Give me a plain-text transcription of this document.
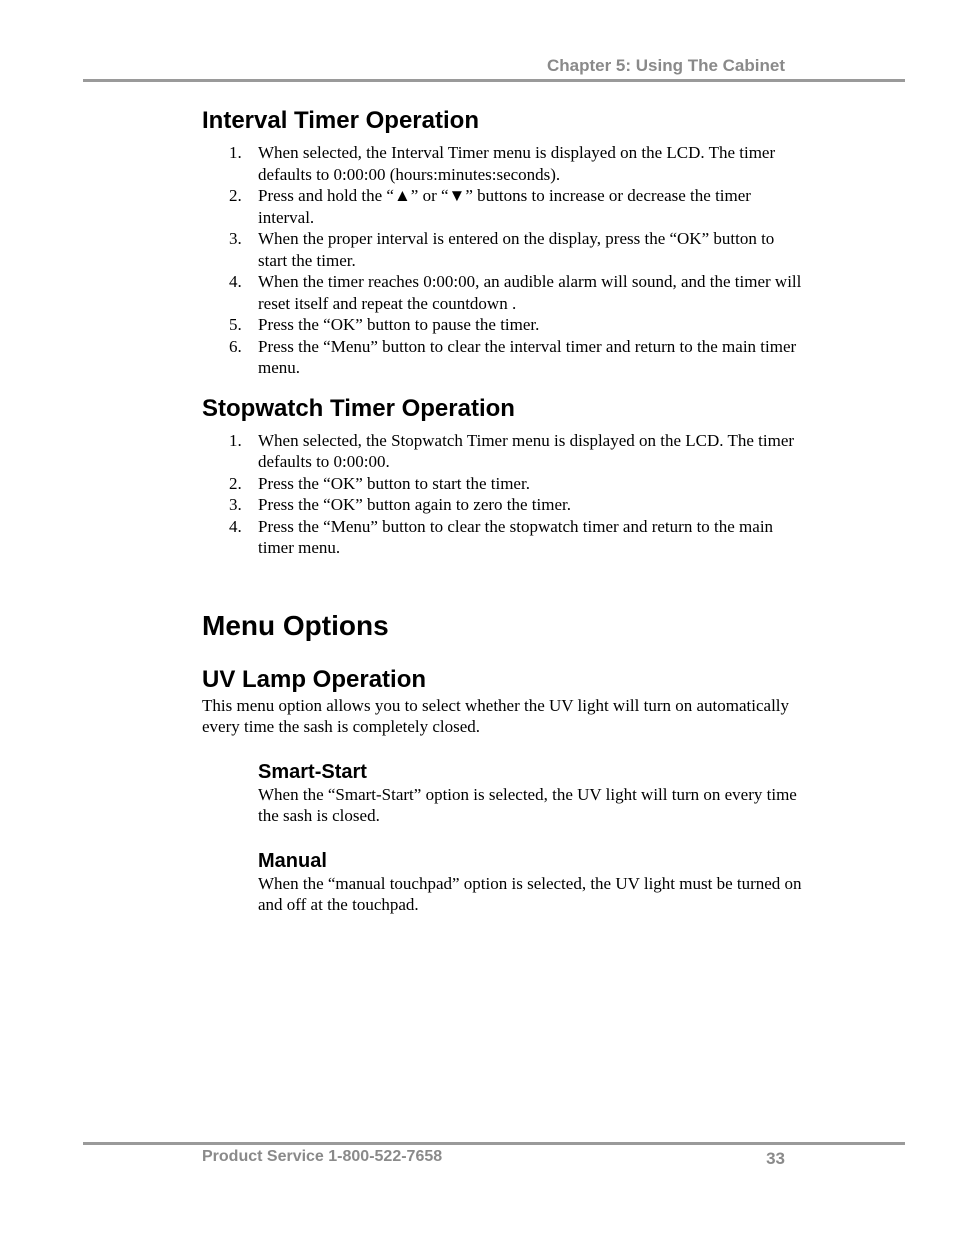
Chapter 5: Using The Cabinet
Interval Timer Operation
1. When selected, the Interval Timer menu is displayed on the LCD. The timer defaults to 0:00:00 (hours:minutes:seconds).
2. Press and hold the “▲” or “▼” buttons to increase or decrease the timer interval.
3. When the proper interval is entered on the display, press the “OK” button to start the timer.
4. When the timer reaches 0:00:00, an audible alarm will sound, and the timer will reset itself and repeat the countdown .
5. Press the “OK” button to pause the timer.
6. Press the “Menu” button to clear the interval timer and return to the main timer menu.
Stopwatch Timer Operation
1. When selected, the Stopwatch Timer menu is displayed on the LCD. The timer defaults to 0:00:00.
2. Press the “OK” button to start the timer.
3. Press the “OK” button again to zero the timer.
4. Press the “Menu” button to clear the stopwatch timer and return to the main timer menu.
Menu Options
UV Lamp Operation

This menu option allows you to select whether the UV light will turn on automatically every time the sash is completely closed.

Smart-Start

When the “Smart-Start” option is selected, the UV light will turn on every time the sash is closed.

Manual

When the “manual touchpad” option is selected, the UV light must be turned on and off at the touchpad.

Product Service 1-800-522-7658	33
